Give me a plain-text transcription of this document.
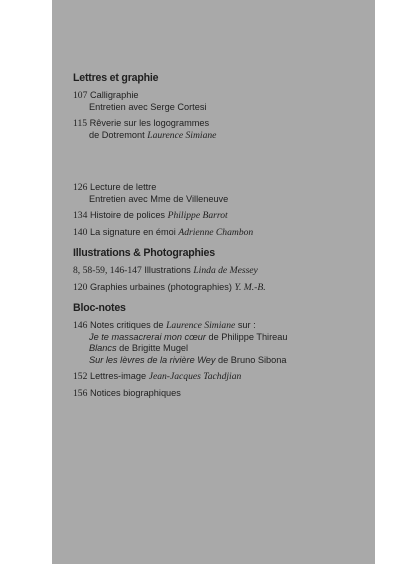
Lettres et graphie
107 Calligraphie
Entretien avec Serge Cortesi
115 Rêverie sur les logogrammes
de Dotremont Laurence Simiane
126 Lecture de lettre
Entretien avec Mme de Villeneuve
134 Histoire de polices Philippe Barrot
140 La signature en émoi Adrienne Chambon
Illustrations & Photographies
8, 58-59, 146-147 Illustrations Linda de Messey
120 Graphies urbaines (photographies) Y. M.-B.
Bloc-notes
146 Notes critiques de Laurence Simiane sur :
Je te massacrerai mon cœur de Philippe Thireau
Blancs de Brigitte Mugel
Sur les lèvres de la rivière Wey de Bruno Sibona
152 Lettres-image Jean-Jacques Tachdjian
156 Notices biographiques
